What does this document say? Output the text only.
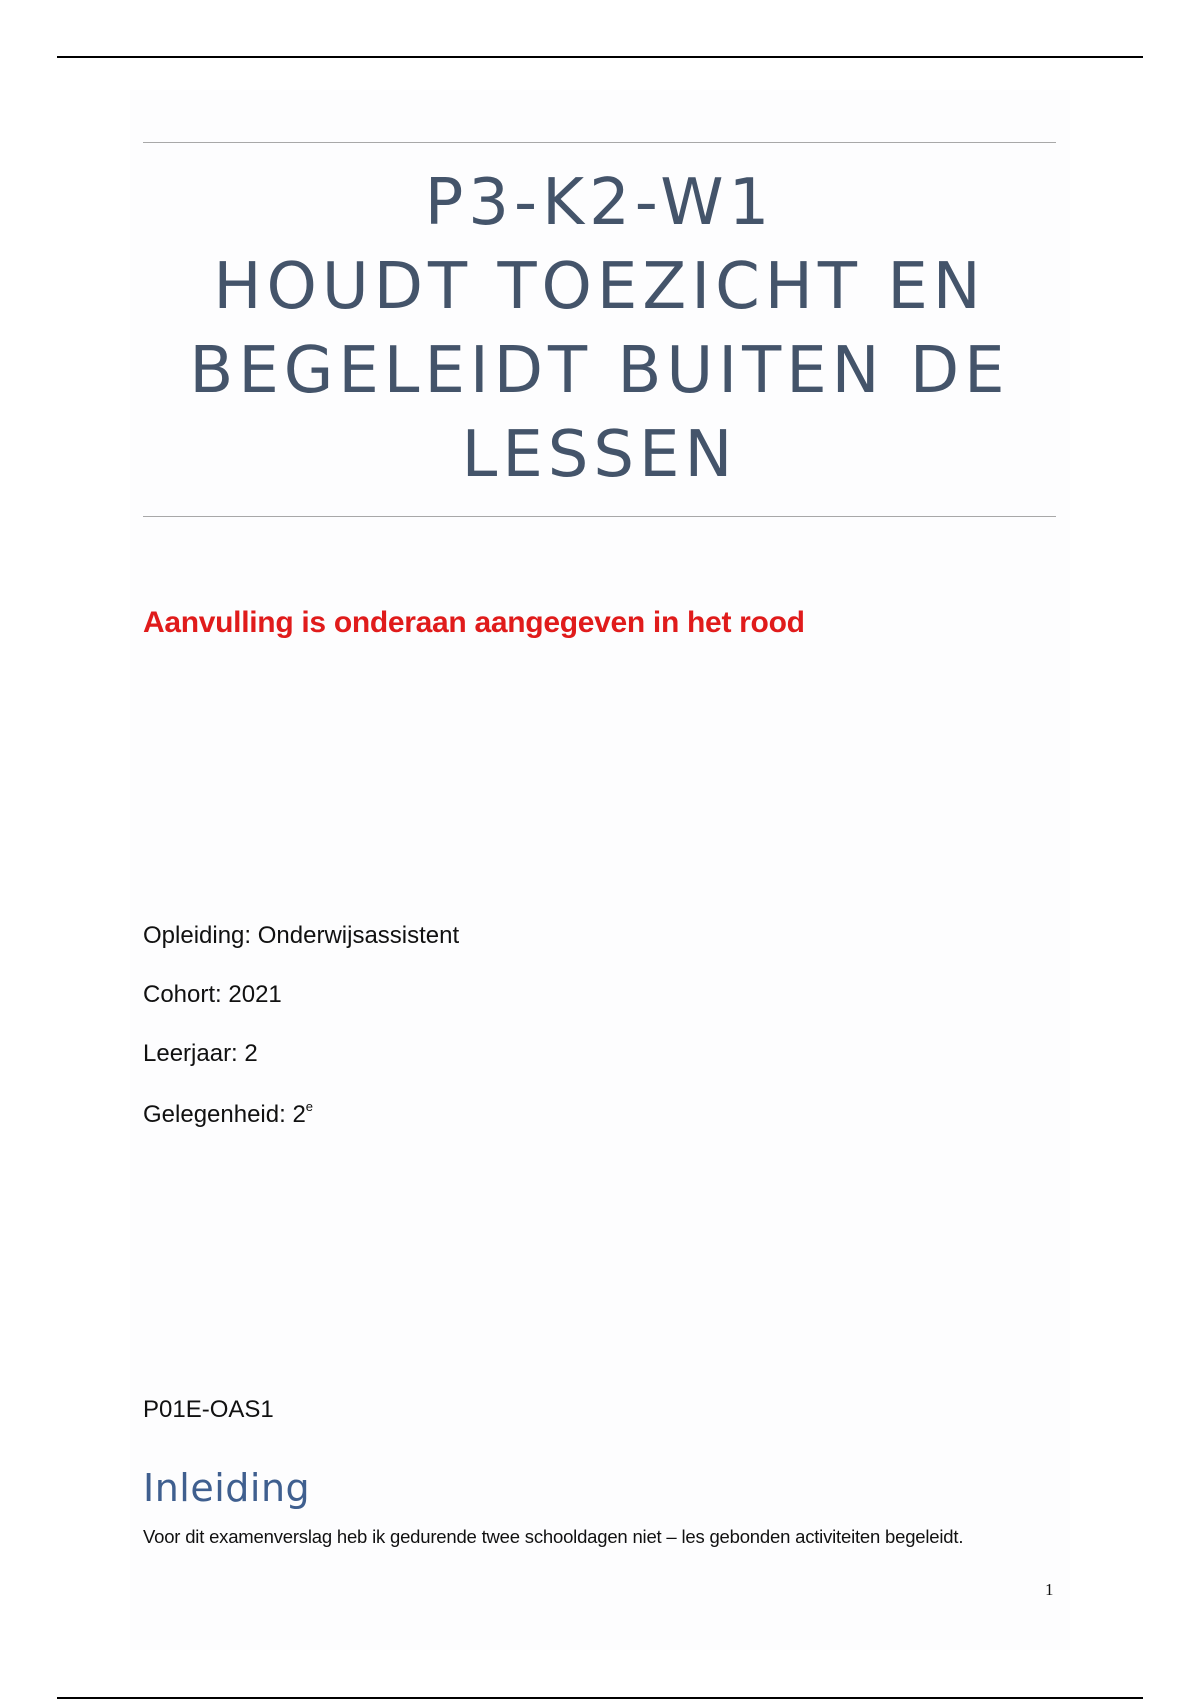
P3-K2-W1
HOUDT TOEZICHT EN
BEGELEIDT BUITEN DE
LESSEN
Aanvulling is onderaan aangegeven in het rood
Opleiding: Onderwijsassistent
Cohort: 2021
Leerjaar: 2
Gelegenheid: 2e
P01E-OAS1
Inleiding
Voor dit examenverslag heb ik gedurende twee schooldagen niet – les gebonden activiteiten begeleidt.
1
